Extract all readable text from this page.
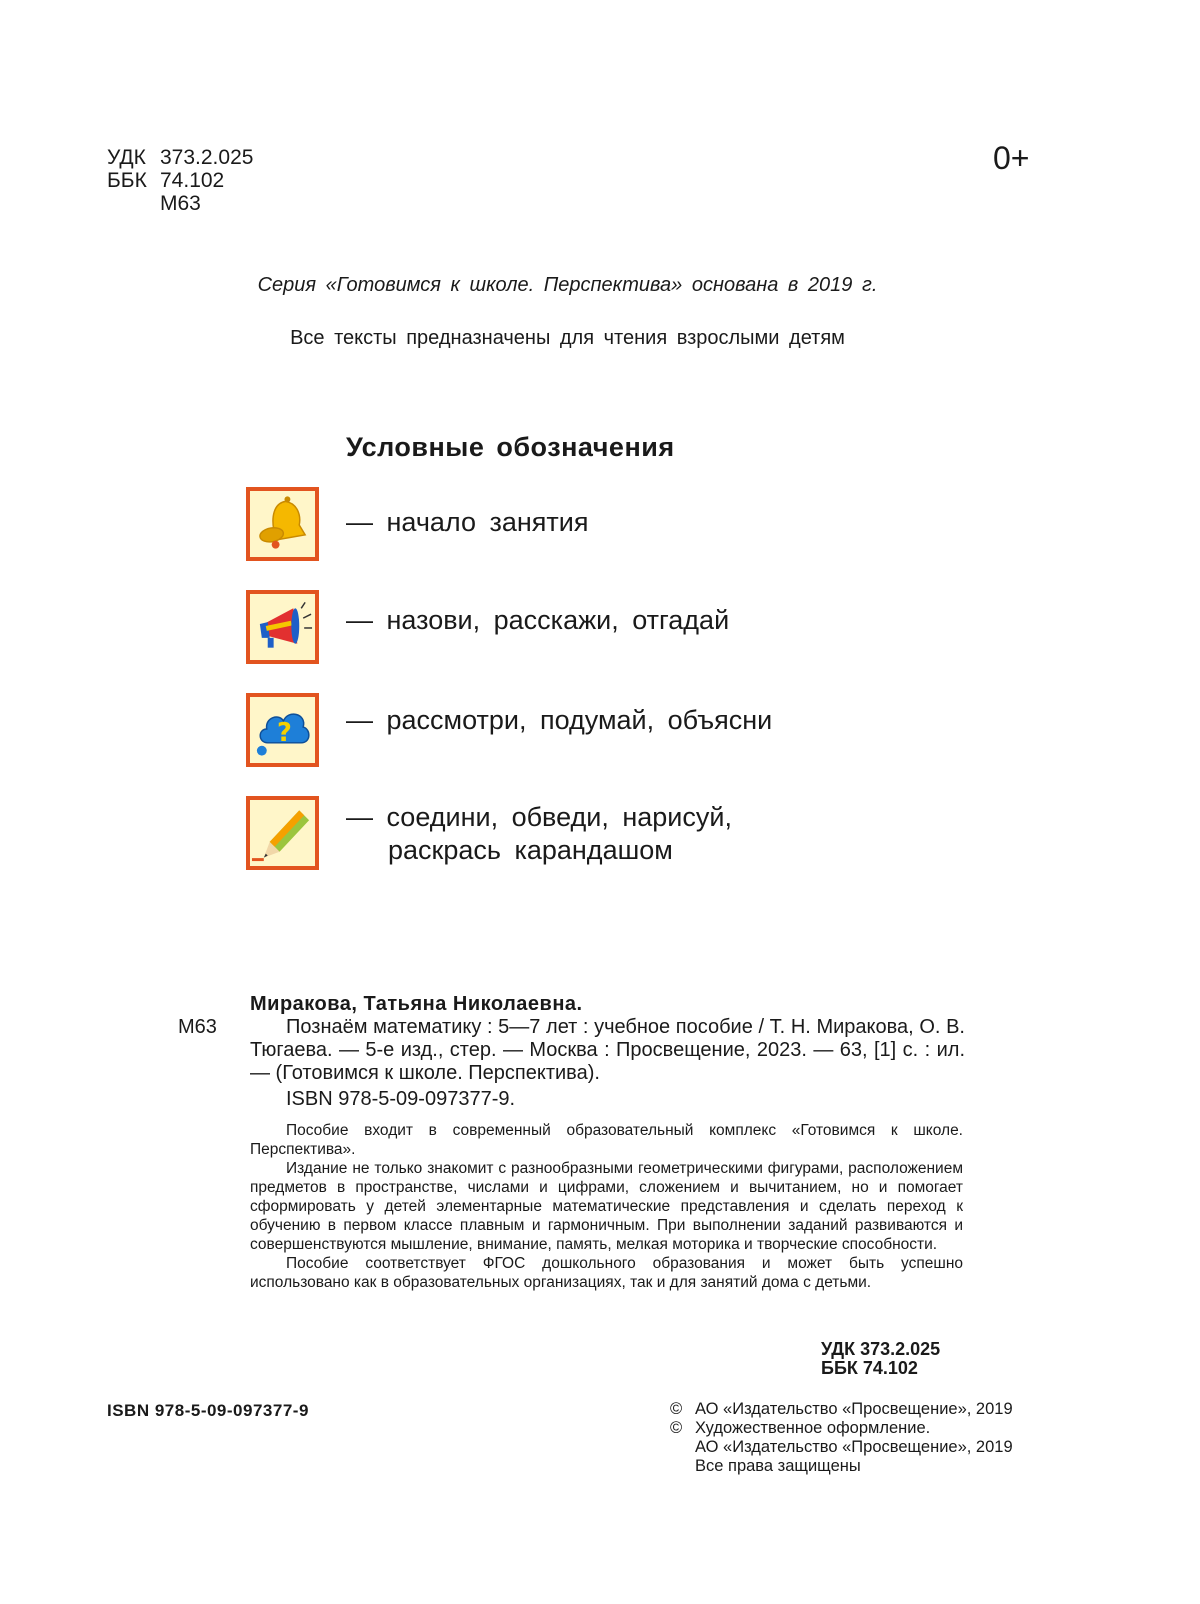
УДК 373.2.025
ББК 74.102
М63
0+
Серия «Готовимся к школе. Перспектива» основана в 2019 г.
Все тексты предназначены для чтения взрослыми детям
Условные обозначения
— начало занятия
— назови, расскажи, отгадай
? — рассмотри, подумай, объясни
— соедини, обведи, нарисуй,
раскрась карандашом
М63
Миракова, Татьяна Николаевна.
Познаём математику : 5—7 лет : учебное пособие / Т. Н. Миракова, О. В. Тюгаева. — 5-е изд., стер. — Москва : Просвещение, 2023. — 63, [1] с. : ил. — (Готовимся к школе. Перспектива).
ISBN 978-5-09-097377-9.

Пособие входит в современный образовательный комплекс «Готовимся к школе. Перспектива».

Издание не только знакомит с разнообразными геометрическими фигурами, расположением предметов в пространстве, числами и цифрами, сложением и вычитанием, но и помогает сформировать у детей элементарные математические представления и сделать переход к обучению в первом классе плавным и гармоничным. При выполнении заданий развиваются и совершенствуются мышление, внимание, память, мелкая моторика и творческие способности.

Пособие соответствует ФГОС дошкольного образования и может быть успешно использовано как в образовательных организациях, так и для занятий дома с детьми.

УДК 373.2.025
ББК 74.102
ISBN 978-5-09-097377-9	© АО «Издательство «Просвещение», 2019
© Художественное оформление.
АО «Издательство «Просвещение», 2019
Все права защищены
